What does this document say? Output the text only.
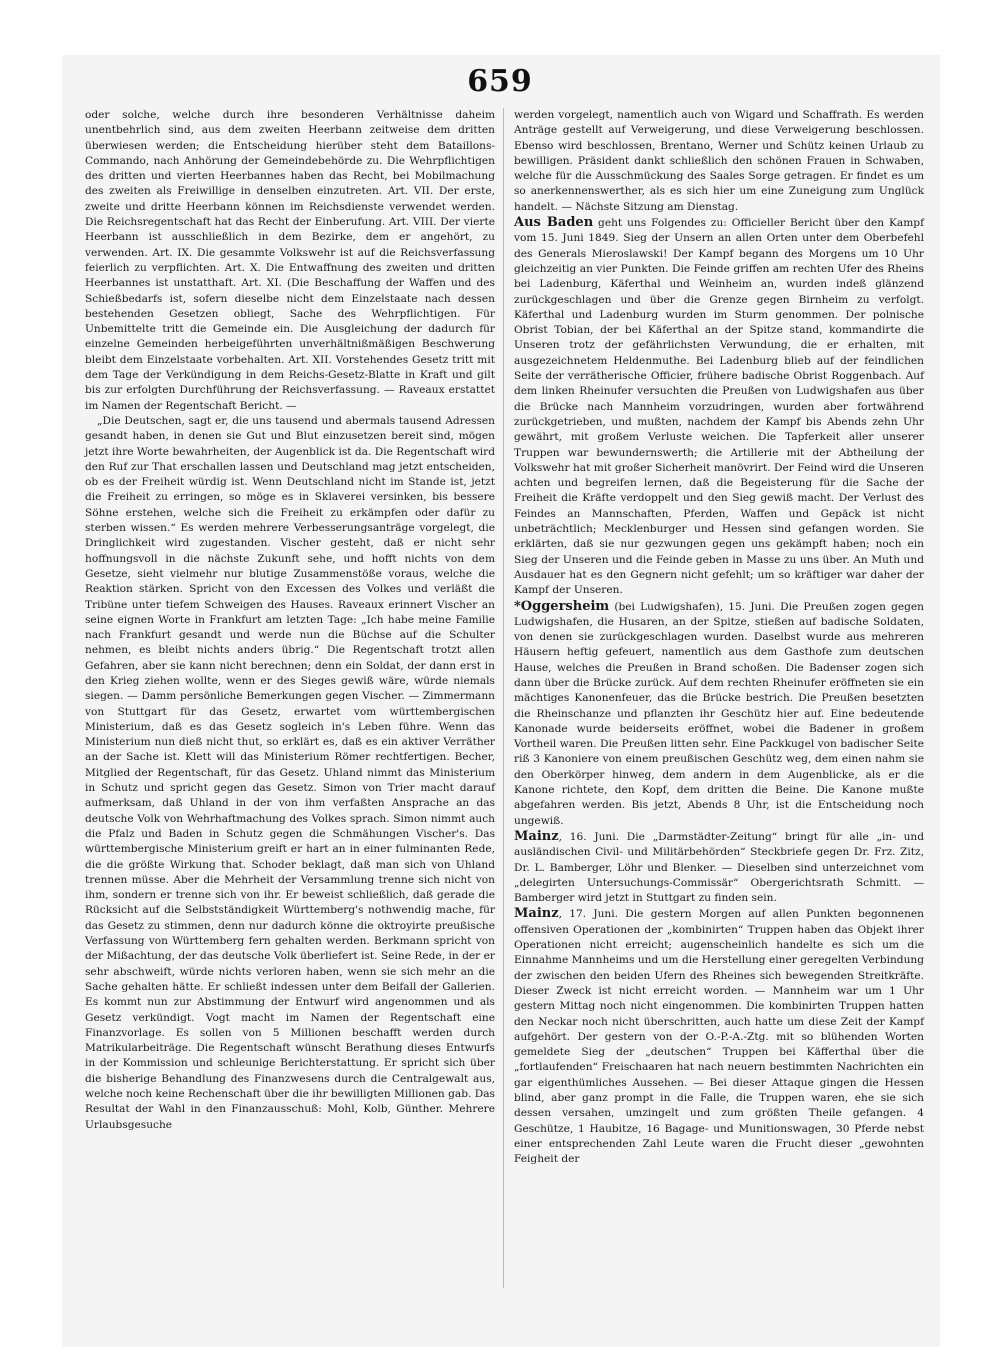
659

oder solche, welche durch ihre besonderen Verhältnisse daheim unentbehrlich sind, aus dem zweiten Heerbann zeitweise dem dritten überwiesen werden; die Entscheidung hierüber steht dem Bataillons-Commando, nach Anhörung der Gemeindebehörde zu. Die Wehrpflichtigen des dritten und vierten Heerbannes haben das Recht, bei Mobilmachung des zweiten als Freiwillige in denselben einzutreten. Art. VII. Der erste, zweite und dritte Heerbann können im Reichsdienste verwendet werden. Die Reichsregentschaft hat das Recht der Einberufung. Art. VIII. Der vierte Heerbann ist ausschließlich in dem Bezirke, dem er angehört, zu verwenden. Art. IX. Die gesammte Volkswehr ist auf die Reichsverfassung feierlich zu verpflichten. Art. X. Die Entwaffnung des zweiten und dritten Heerbannes ist unstatthaft. Art. XI. (Die Beschaffung der Waffen und des Schießbedarfs ist, sofern dieselbe nicht dem Einzelstaate nach dessen bestehenden Gesetzen obliegt, Sache des Wehrpflichtigen. Für Unbemittelte tritt die Gemeinde ein. Die Ausgleichung der dadurch für einzelne Gemeinden herbeigeführten unverhältnißmäßigen Beschwerung bleibt dem Einzelstaate vorbehalten. Art. XII. Vorstehendes Gesetz tritt mit dem Tage der Verkündigung in dem Reichs-Gesetz-Blatte in Kraft und gilt bis zur erfolgten Durchführung der Reichsverfassung. — Raveaux erstattet im Namen der Regentschaft Bericht. —

„Die Deutschen, sagt er, die uns tausend und abermals tausend Adressen gesandt haben, in denen sie Gut und Blut einzusetzen bereit sind, mögen jetzt ihre Worte bewahrheiten, der Augenblick ist da. Die Regentschaft wird den Ruf zur That erschallen lassen und Deutschland mag jetzt entscheiden, ob es der Freiheit würdig ist. Wenn Deutschland nicht im Stande ist, jetzt die Freiheit zu erringen, so möge es in Sklaverei versinken, bis bessere Söhne erstehen, welche sich die Freiheit zu erkämpfen oder dafür zu sterben wissen.“ Es werden mehrere Verbesserungsanträge vorgelegt, die Dringlichkeit wird zugestanden. Vischer gesteht, daß er nicht sehr hoffnungsvoll in die nächste Zukunft sehe, und hofft nichts von dem Gesetze, sieht vielmehr nur blutige Zusammenstöße voraus, welche die Reaktion stärken. Spricht von den Excessen des Volkes und verläßt die Tribüne unter tiefem Schweigen des Hauses. Raveaux erinnert Vischer an seine eignen Worte in Frankfurt am letzten Tage: „Ich habe meine Familie nach Frankfurt gesandt und werde nun die Büchse auf die Schulter nehmen, es bleibt nichts anders übrig.“ Die Regentschaft trotzt allen Gefahren, aber sie kann nicht berechnen; denn ein Soldat, der dann erst in den Krieg ziehen wollte, wenn er des Sieges gewiß wäre, würde niemals siegen. — Damm persönliche Bemerkungen gegen Vischer. — Zimmermann von Stuttgart für das Gesetz, erwartet vom württembergischen Ministerium, daß es das Gesetz sogleich in's Leben führe. Wenn das Ministerium nun dieß nicht thut, so erklärt es, daß es ein aktiver Verräther an der Sache ist. Klett will das Ministerium Römer rechtfertigen. Becher, Mitglied der Regentschaft, für das Gesetz. Uhland nimmt das Ministerium in Schutz und spricht gegen das Gesetz. Simon von Trier macht darauf aufmerksam, daß Uhland in der von ihm verfaßten Ansprache an das deutsche Volk von Wehrhaftmachung des Volkes sprach. Simon nimmt auch die Pfalz und Baden in Schutz gegen die Schmähungen Vischer's. Das württembergische Ministerium greift er hart an in einer fulminanten Rede, die die größte Wirkung that. Schoder beklagt, daß man sich von Uhland trennen müsse. Aber die Mehrheit der Versammlung trenne sich nicht von ihm, sondern er trenne sich von ihr. Er beweist schließlich, daß gerade die Rücksicht auf die Selbstständigkeit Württemberg's nothwendig mache, für das Gesetz zu stimmen, denn nur dadurch könne die oktroyirte preußische Verfassung von Württemberg fern gehalten werden. Berkmann spricht von der Mißachtung, der das deutsche Volk überliefert ist. Seine Rede, in der er sehr abschweift, würde nichts verloren haben, wenn sie sich mehr an die Sache gehalten hätte. Er schließt indessen unter dem Beifall der Gallerien. Es kommt nun zur Abstimmung der Entwurf wird angenommen und als Gesetz verkündigt. Vogt macht im Namen der Regentschaft eine Finanzvorlage. Es sollen von 5 Millionen beschafft werden durch Matrikularbeiträge. Die Regentschaft wünscht Berathung dieses Entwurfs in der Kommission und schleunige Berichterstattung. Er spricht sich über die bisherige Behandlung des Finanzwesens durch die Centralgewalt aus, welche noch keine Rechenschaft über die ihr bewilligten Millionen gab. Das Resultat der Wahl in den Finanzausschuß: Mohl, Kolb, Günther. Mehrere Urlaubsgesuche

werden vorgelegt, namentlich auch von Wigard und Schaffrath. Es werden Anträge gestellt auf Verweigerung, und diese Verweigerung beschlossen. Ebenso wird beschlossen, Brentano, Werner und Schütz keinen Urlaub zu bewilligen. Präsident dankt schließlich den schönen Frauen in Schwaben, welche für die Ausschmückung des Saales Sorge getragen. Er findet es um so anerkennenswerther, als es sich hier um eine Zuneigung zum Unglück handelt. — Nächste Sitzung am Dienstag.

Aus Baden geht uns Folgendes zu: Officieller Bericht über den Kampf vom 15. Juni 1849. Sieg der Unsern an allen Orten unter dem Oberbefehl des Generals Mieroslawski! Der Kampf begann des Morgens um 10 Uhr gleichzeitig an vier Punkten. Die Feinde griffen am rechten Ufer des Rheins bei Ladenburg, Käferthal und Weinheim an, wurden indeß glänzend zurückgeschlagen und über die Grenze gegen Birnheim zu verfolgt. Käferthal und Ladenburg wurden im Sturm genommen. Der polnische Obrist Tobian, der bei Käferthal an der Spitze stand, kommandirte die Unseren trotz der gefährlichsten Verwundung, die er erhalten, mit ausgezeichnetem Heldenmuthe. Bei Ladenburg blieb auf der feindlichen Seite der verrätherische Officier, frühere badische Obrist Roggenbach. Auf dem linken Rheinufer versuchten die Preußen von Ludwigshafen aus über die Brücke nach Mannheim vorzudringen, wurden aber fortwährend zurückgetrieben, und mußten, nachdem der Kampf bis Abends zehn Uhr gewährt, mit großem Verluste weichen. Die Tapferkeit aller unserer Truppen war bewundernswerth; die Artillerie mit der Abtheilung der Volkswehr hat mit großer Sicherheit manövrirt. Der Feind wird die Unseren achten und begreifen lernen, daß die Begeisterung für die Sache der Freiheit die Kräfte verdoppelt und den Sieg gewiß macht. Der Verlust des Feindes an Mannschaften, Pferden, Waffen und Gepäck ist nicht unbeträchtlich; Mecklenburger und Hessen sind gefangen worden. Sie erklärten, daß sie nur gezwungen gegen uns gekämpft haben; noch ein Sieg der Unseren und die Feinde geben in Masse zu uns über. An Muth und Ausdauer hat es den Gegnern nicht gefehlt; um so kräftiger war daher der Kampf der Unseren.

*Oggersheim (bei Ludwigshafen), 15. Juni. Die Preußen zogen gegen Ludwigshafen, die Husaren, an der Spitze, stießen auf badische Soldaten, von denen sie zurückgeschlagen wurden. Daselbst wurde aus mehreren Häusern heftig gefeuert, namentlich aus dem Gasthofe zum deutschen Hause, welches die Preußen in Brand schoßen. Die Badenser zogen sich dann über die Brücke zurück. Auf dem rechten Rheinufer eröffneten sie ein mächtiges Kanonenfeuer, das die Brücke bestrich. Die Preußen besetzten die Rheinschanze und pflanzten ihr Geschütz hier auf. Eine bedeutende Kanonade wurde beiderseits eröffnet, wobei die Badener in großem Vortheil waren. Die Preußen litten sehr. Eine Packkugel von badischer Seite riß 3 Kanoniere von einem preußischen Geschütz weg, dem einen nahm sie den Oberkörper hinweg, dem andern in dem Augenblicke, als er die Kanone richtete, den Kopf, dem dritten die Beine. Die Kanone mußte abgefahren werden. Bis jetzt, Abends 8 Uhr, ist die Entscheidung noch ungewiß.

Mainz, 16. Juni. Die „Darmstädter-Zeitung“ bringt für alle „in- und ausländischen Civil- und Militärbehörden“ Steckbriefe gegen Dr. Frz. Zitz, Dr. L. Bamberger, Löhr und Blenker. — Dieselben sind unterzeichnet vom „delegirten Untersuchungs-Commissär“ Obergerichtsrath Schmitt. — Bamberger wird jetzt in Stuttgart zu finden sein.

Mainz, 17. Juni. Die gestern Morgen auf allen Punkten begonnenen offensiven Operationen der „kombinirten“ Truppen haben das Objekt ihrer Operationen nicht erreicht; augenscheinlich handelte es sich um die Einnahme Mannheims und um die Herstellung einer geregelten Verbindung der zwischen den beiden Ufern des Rheines sich bewegenden Streitkräfte. Dieser Zweck ist nicht erreicht worden. — Mannheim war um 1 Uhr gestern Mittag noch nicht eingenommen. Die kombinirten Truppen hatten den Neckar noch nicht überschritten, auch hatte um diese Zeit der Kampf aufgehört. Der gestern von der O.-P.-A.-Ztg. mit so blühenden Worten gemeldete Sieg der „deutschen“ Truppen bei Käfferthal über die „fortlaufenden“ Freischaaren hat nach neuern bestimmten Nachrichten ein gar eigenthümliches Aussehen. — Bei dieser Attaque gingen die Hessen blind, aber ganz prompt in die Falle, die Truppen waren, ehe sie sich dessen versahen, umzingelt und zum größten Theile gefangen. 4 Geschütze, 1 Haubitze, 16 Bagage- und Munitionswagen, 30 Pferde nebst einer entsprechenden Zahl Leute waren die Frucht dieser „gewohnten Feigheit der
